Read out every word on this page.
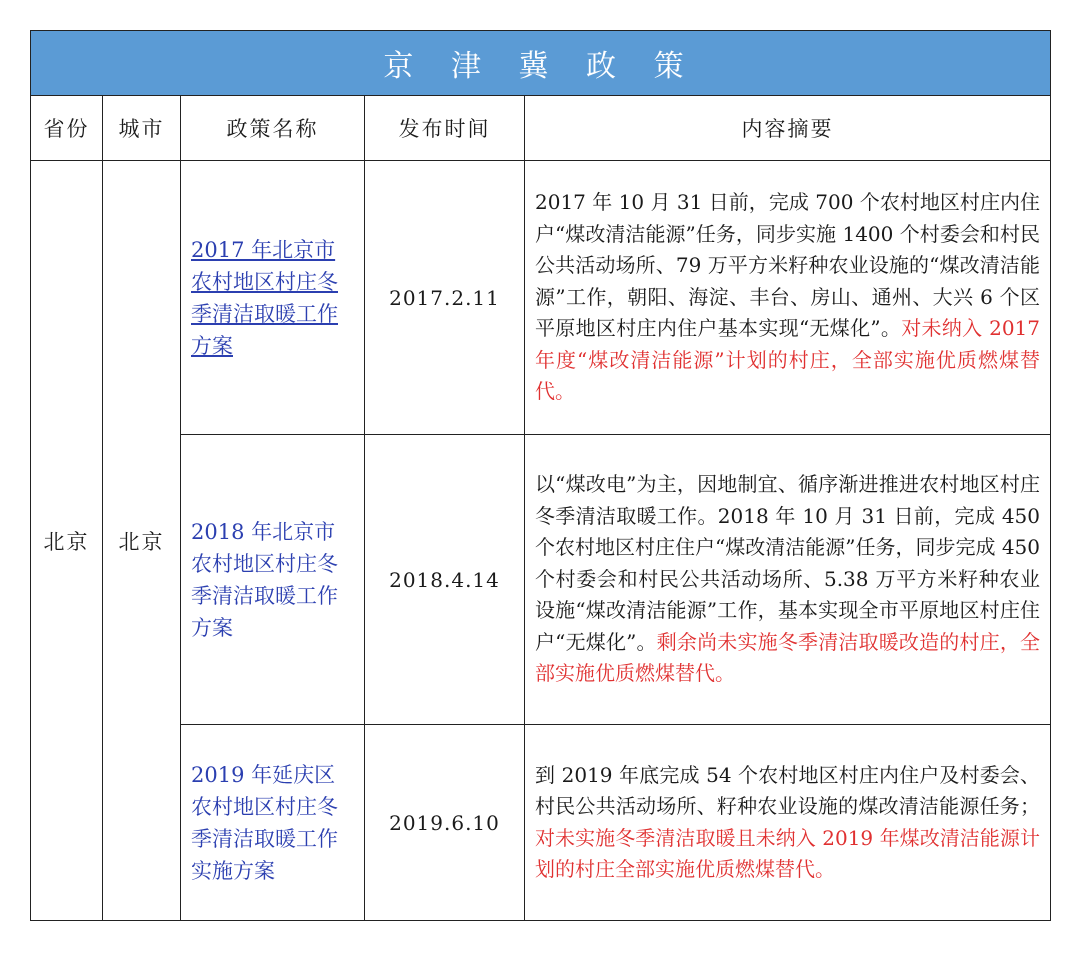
京 津 冀 政 策				
省份	城市	政策名称	发布时间	内容摘要
北京	北京	2017 年北京市农村地区村庄冬季清洁取暖工作方案	2017.2.11	2017 年 10 月 31 日前，完成 700 个农村地区村庄内住户“煤改清洁能源”任务，同步实施 1400 个村委会和村民公共活动场所、79 万平方米籽种农业设施的“煤改清洁能源”工作，朝阳、海淀、丰台、房山、通州、大兴 6 个区平原地区村庄内住户基本实现“无煤化”。对未纳入 2017 年度“煤改清洁能源”计划的村庄，全部实施优质燃煤替代。
		2018 年北京市农村地区村庄冬季清洁取暖工作方案	2018.4.14	以“煤改电”为主，因地制宜、循序渐进推进农村地区村庄冬季清洁取暖工作。2018 年 10 月 31 日前，完成 450 个农村地区村庄住户“煤改清洁能源”任务，同步完成 450 个村委会和村民公共活动场所、5.38 万平方米籽种农业设施“煤改清洁能源”工作，基本实现全市平原地区村庄住户“无煤化”。剩余尚未实施冬季清洁取暖改造的村庄，全部实施优质燃煤替代。
		2019 年延庆区农村地区村庄冬季清洁取暖工作实施方案	2019.6.10	到 2019 年底完成 54 个农村地区村庄内住户及村委会、村民公共活动场所、籽种农业设施的煤改清洁能源任务；对未实施冬季清洁取暖且未纳入 2019 年煤改清洁能源计划的村庄全部实施优质燃煤替代。
